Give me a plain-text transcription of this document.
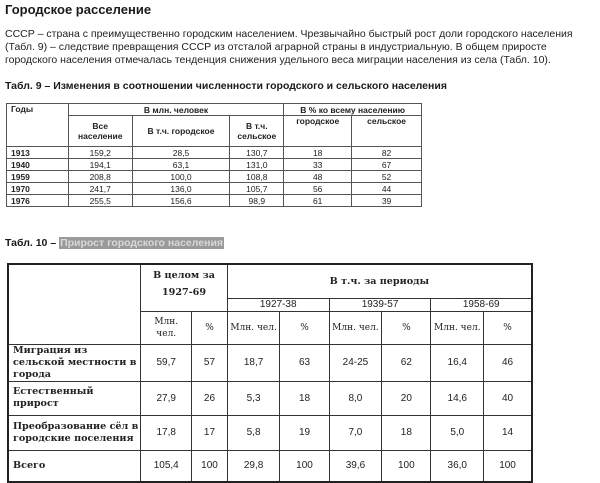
Городское расселение
СССР – страна с преимущественно городским населением. Чрезвычайно быстрый рост доли городского населения (Табл. 9) – следствие превращения СССР из отсталой аграрной страны в индустриальную. В общем приросте городского населения отмечалась тенденция снижения удельного веса миграции населения из села (Табл. 10).
Табл. 9 – Изменения в соотношении численности городского и сельского населения
Годы	В млн. человек			В % ко всему населению	
	Все население	В т.ч. городское	В т.ч. сельское	городское	сельское
1913	159,2	28,5	130,7	18	82
1940	194,1	63,1	131,0	33	67
1959	208,8	100,0	108,8	48	52
1970	241,7	136,0	105,7	56	44
1976	255,5	156,6	98,9	61	39
Табл. 10 – Прирост городского населения
	В целом за 1927-69		В т.ч. за периоды					
			1927-38		1939-57		1958-69	
	Млн. чел.	%	Млн. чел.	%	Млн. чел.	%	Млн. чел.	%
Миграция из сельской местности в города	59,7	57	18,7	63	24-25	62	16,4	46
Естественный прирост	27,9	26	5,3	18	8,0	20	14,6	40
Преобразование сёл в городские поселения	17,8	17	5,8	19	7,0	18	5,0	14
Всего	105,4	100	29,8	100	39,6	100	36,0	100
